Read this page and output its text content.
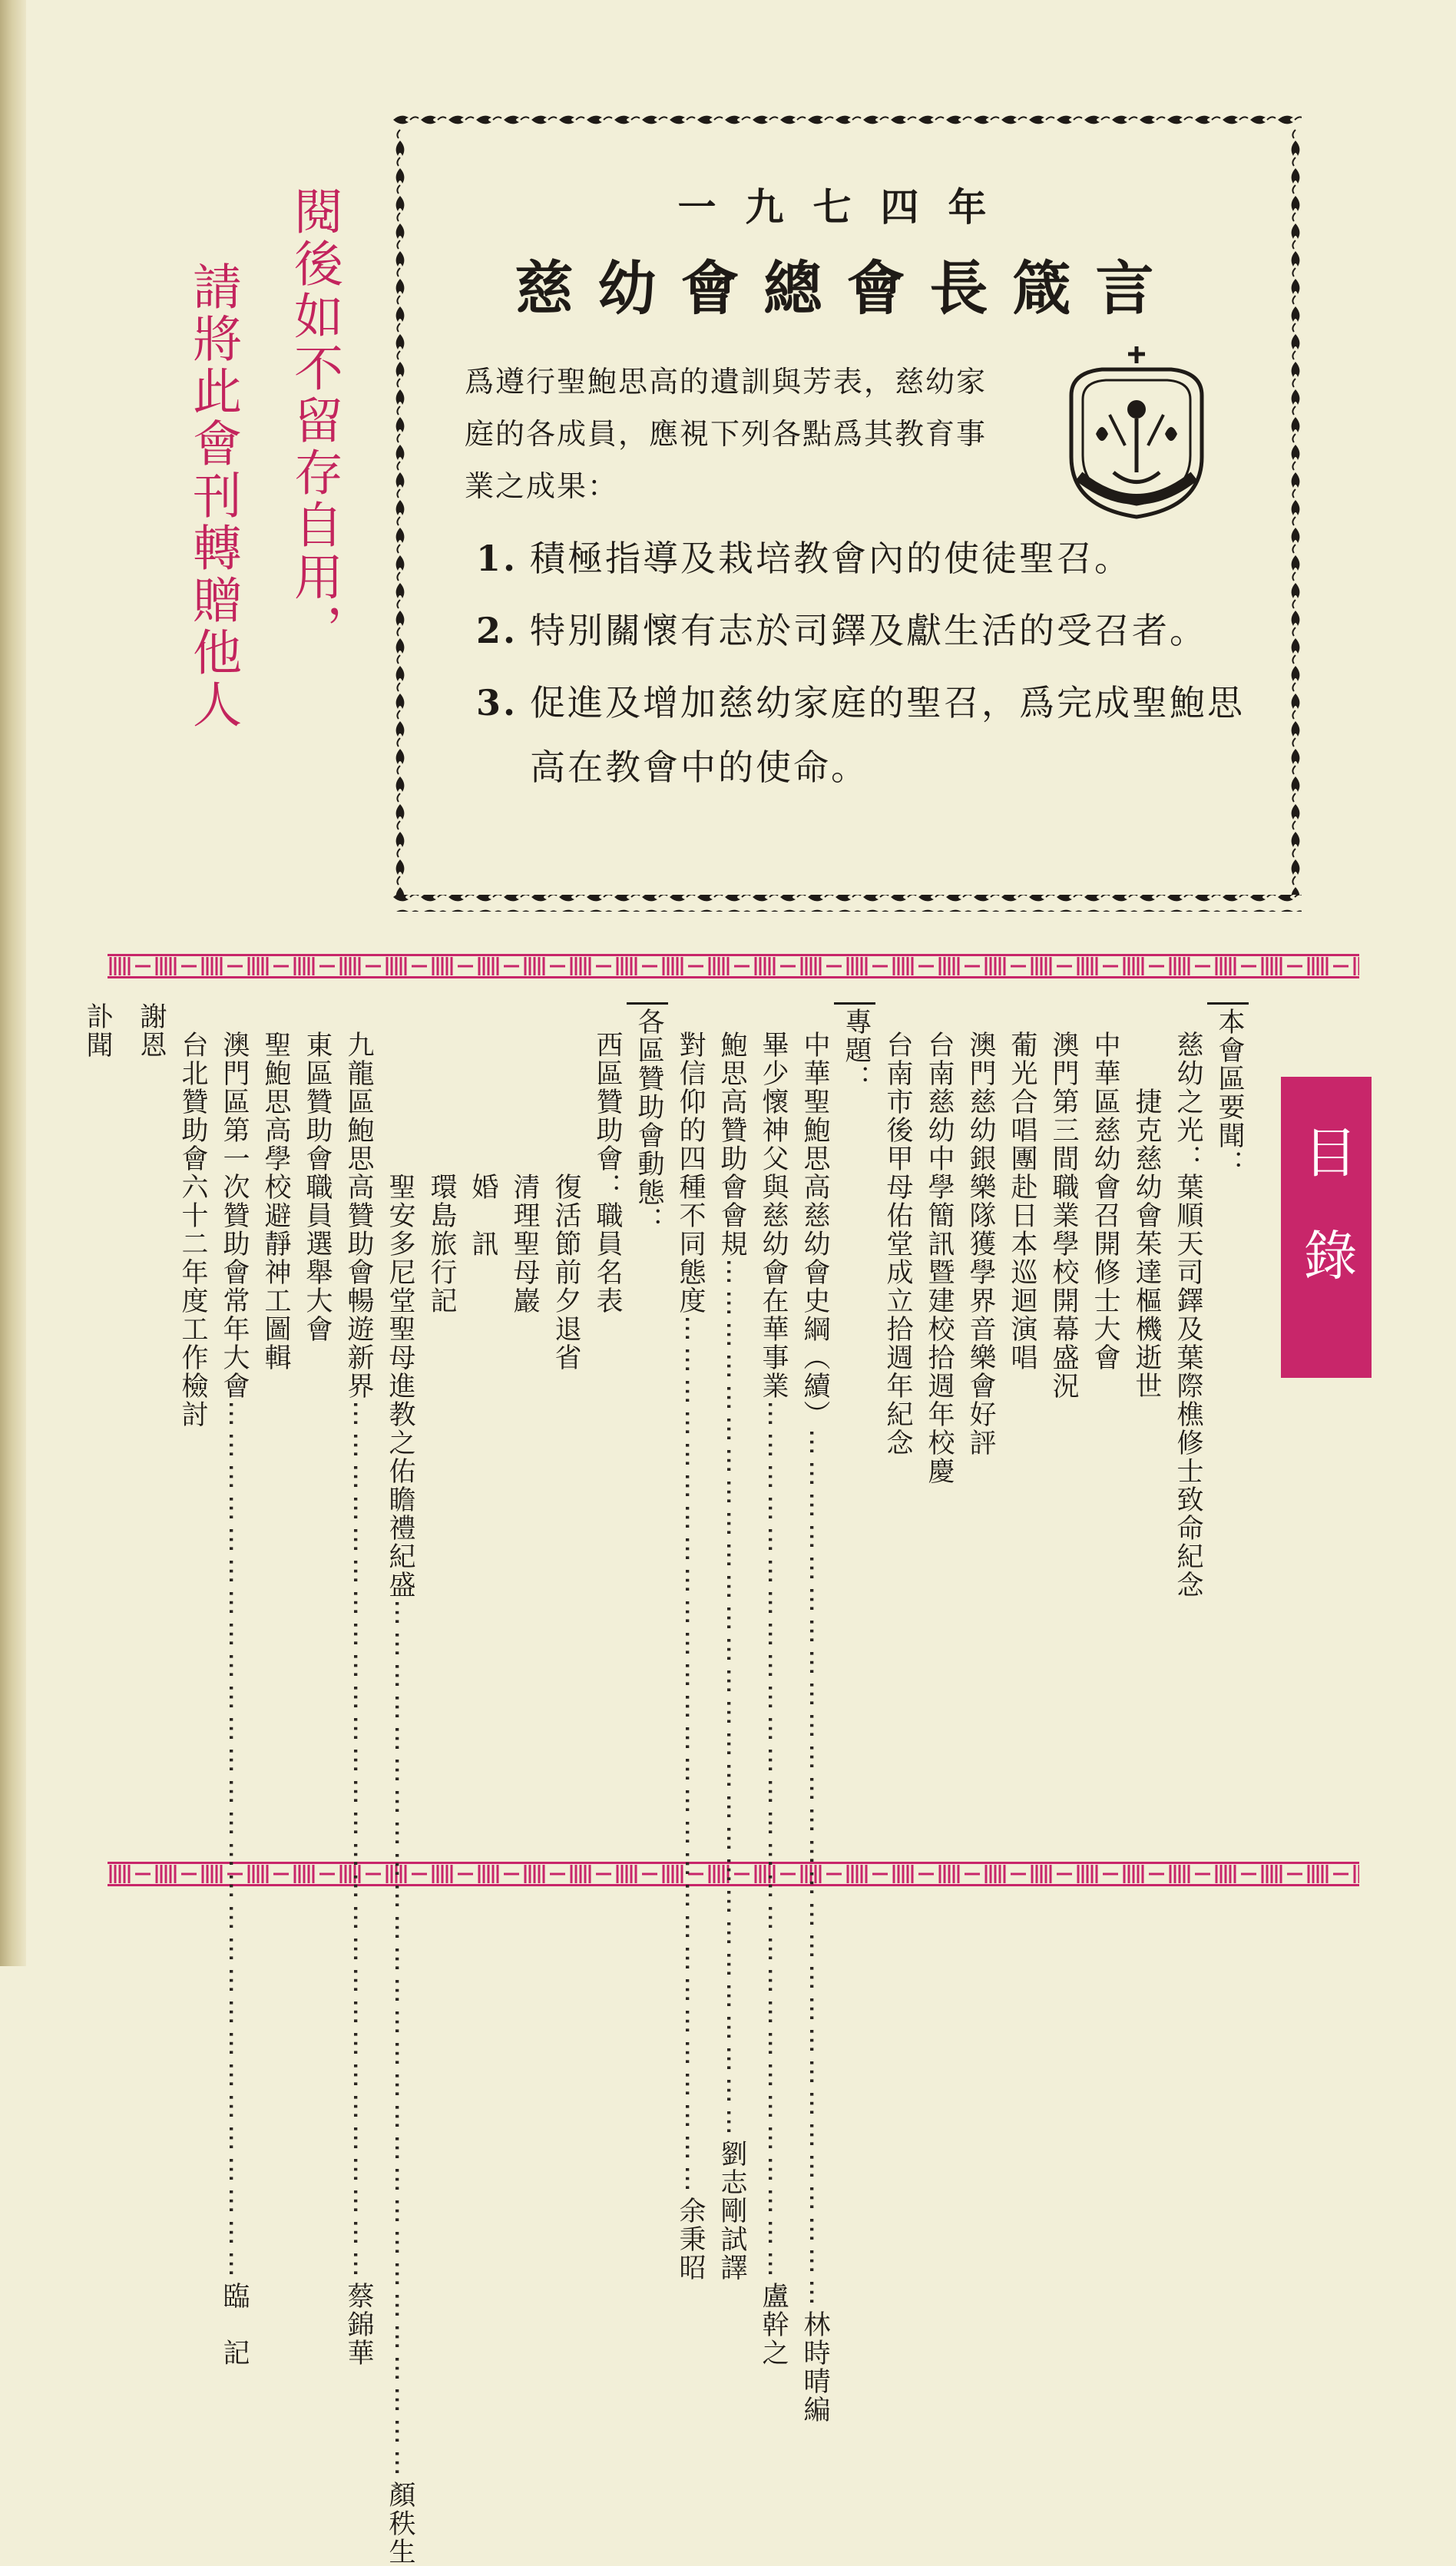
閱後如不留存自用，
請將此會刊轉贈他人
一九七四年
慈幼會總會長箴言
爲遵行聖鮑思高的遺訓與芳表，慈幼家庭的各成員，應視下列各點爲其教育事業之成果：
1. 積極指導及栽培教會內的使徒聖召。
2. 特別關懷有志於司鐸及獻生活的受召者。
3. 促進及增加慈幼家庭的聖召，爲完成聖鮑思高在教會中的使命。
目錄
本會區要聞：
　慈幼之光：葉順天司鐸及葉際樵修士致命紀念
　　　捷克慈幼會茱達樞機逝世
　中華區慈幼會召開修士大會
　澳門第三間職業學校開幕盛況
　葡光合唱團赴日本巡迴演唱
　澳門慈幼銀樂隊獲學界音樂會好評
　台南慈幼中學簡訊暨建校拾週年校慶
　台南市後甲母佑堂成立拾週年紀念
專題：
　中華聖鮑思高慈幼會史綱（續）
…………………………………………………………………………
林時晴編
　畢少懷神父與慈幼會在華事業
…………………………………………………………………………
盧幹之
　鮑思高贊助會會規
…………………………………………………………………………
劉志剛試譯
　對信仰的四種不同態度
…………………………………………………………………………
余秉昭
各區贊助會動態：
　西區贊助會：職員名表
　　　　　　復活節前夕退省
　　　　　　清理聖母巖
　　　　　　婚　訊
　　　　　　環島旅行記
　　　　　　聖安多尼堂聖母進教之佑瞻禮紀盛
…………………………………………………………………………
顏秩生
　九龍區鮑思高贊助會暢遊新界
…………………………………………………………………………
蔡錦華
　東區贊助會職員選舉大會
　聖鮑思高學校避靜神工圖輯
　澳門區第一次贊助會常年大會
…………………………………………………………………………
臨　記
　台北贊助會六十二年度工作檢討
謝恩
訃聞
